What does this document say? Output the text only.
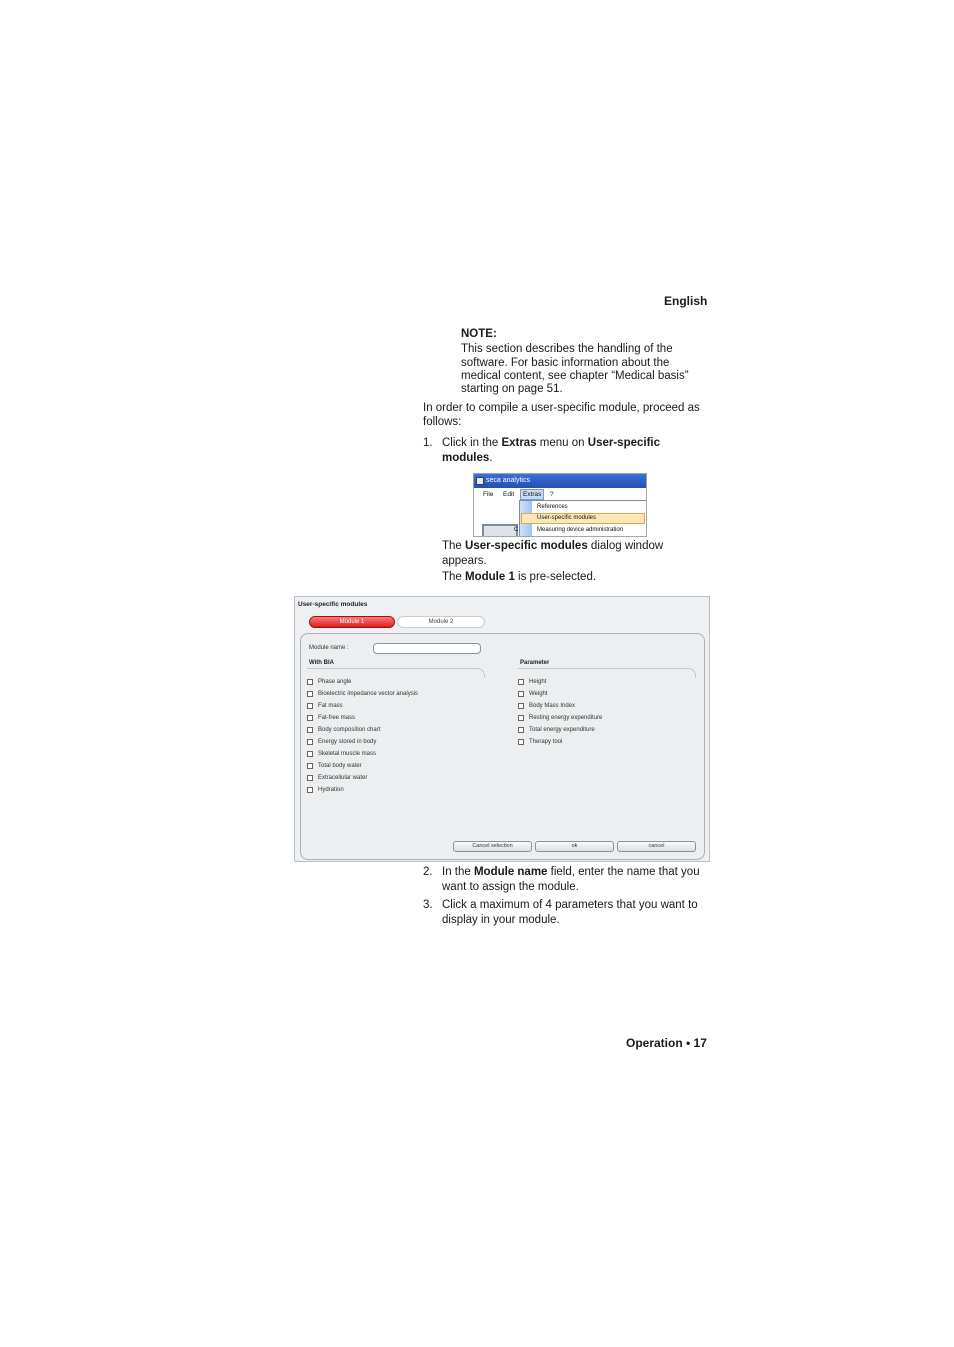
English
NOTE:
This section describes the handling of the
software. For basic information about the
medical content, see chapter “Medical basis”
starting on page 51.
In order to compile a user-specific module, proceed as
follows:
1. Click in the Extras menu on User-specific
modules.
seca analytics
File Edit	Extras	?
C
References
User-specific modules
Measuring device administration
The User-specific modules dialog window
appears.
The Module 1 is pre-selected.
User-specific modules
Module 1	Module 2
Module name :
With BIA	Parameter
Phase angle
Bioelectric impedance vector analysis
Fat mass
Fat-free mass
Body composition chart
Energy stored in body
Skeletal muscle mass
Total body water
Extracellular water
Hydration
Height
Weight
Body Mass Index
Resting energy expenditure
Total energy expenditure
Therapy tool
Cancel selection	ok	cancel
2. In the Module name field, enter the name that you
want to assign the module.
3. Click a maximum of 4 parameters that you want to
display in your module.
Operation • 17
